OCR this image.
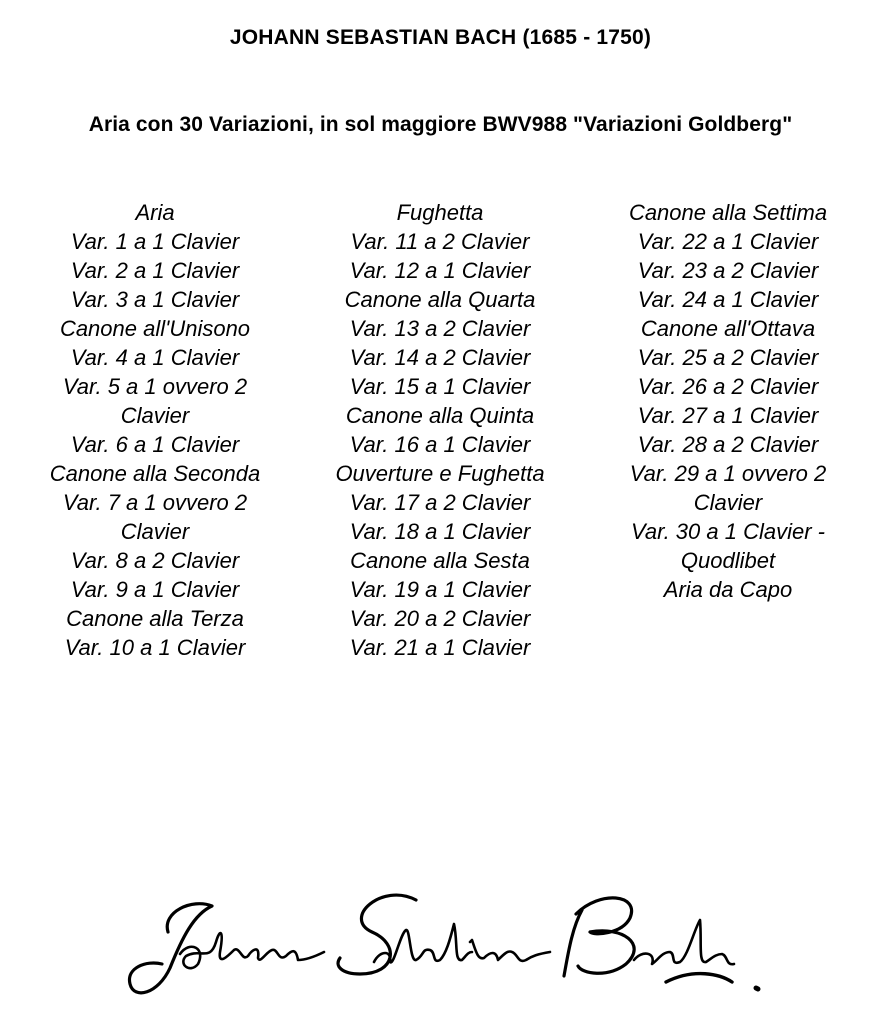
JOHANN SEBASTIAN BACH (1685 - 1750)
Aria con 30 Variazioni, in sol maggiore BWV988 "Variazioni Goldberg"
Aria
Var. 1 a 1 Clavier
Var. 2 a 1 Clavier
Var. 3 a 1 Clavier
Canone all'Unisono
Var. 4 a 1 Clavier
Var. 5 a 1 ovvero 2
Clavier
Var. 6 a 1 Clavier
Canone alla Seconda
Var. 7 a 1 ovvero 2
Clavier
Var. 8 a 2 Clavier
Var. 9 a 1 Clavier
Canone alla Terza
Var. 10 a 1 Clavier
Fughetta
Var. 11 a 2 Clavier
Var. 12 a 1 Clavier
Canone alla Quarta
Var. 13 a 2 Clavier
Var. 14 a 2 Clavier
Var. 15 a 1 Clavier
Canone alla Quinta
Var. 16 a 1 Clavier
Ouverture e Fughetta
Var. 17 a 2 Clavier
Var. 18 a 1 Clavier
Canone alla Sesta
Var. 19 a 1 Clavier
Var. 20 a 2 Clavier
Var. 21 a 1 Clavier
Canone alla Settima
Var. 22 a 1 Clavier
Var. 23 a 2 Clavier
Var. 24 a 1 Clavier
Canone all'Ottava
Var. 25 a 2 Clavier
Var. 26 a 2 Clavier
Var. 27 a 1 Clavier
Var. 28 a 2 Clavier
Var. 29 a 1 ovvero 2
Clavier
Var. 30 a 1 Clavier -
Quodlibet
Aria da Capo
